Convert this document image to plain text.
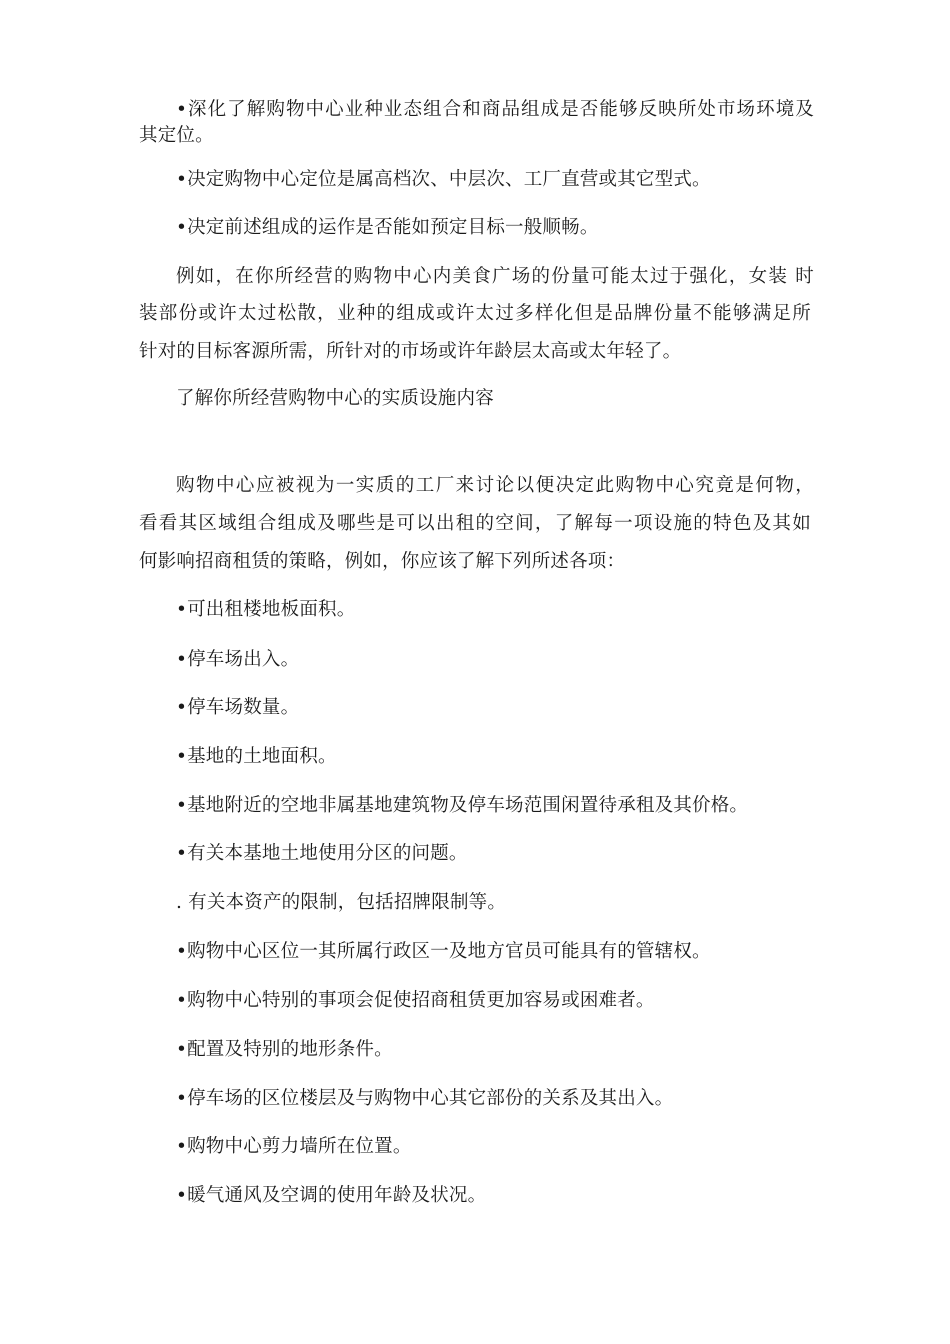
•深化了解购物中心业种业态组合和商品组成是否能够反映所处市场环境及
其定位。
•决定购物中心定位是属高档次、中层次、工厂直营或其它型式。
•决定前述组成的运作是否能如预定目标一般顺畅。
例如，在你所经营的购物中心内美食广场的份量可能太过于强化，女装 时
装部份或许太过松散，业种的组成或许太过多样化但是品牌份量不能够满足所
针对的目标客源所需，所针对的市场或许年龄层太高或太年轻了。
了解你所经营购物中心的实质设施内容
购物中心应被视为一实质的工厂来讨论以便决定此购物中心究竟是何物，
看看其区域组合组成及哪些是可以出租的空间，了解每一项设施的特色及其如
何影响招商租赁的策略，例如，你应该了解下列所述各项：
•可出租楼地板面积。
•停车场出入。
•停车场数量。
•基地的土地面积。
•基地附近的空地非属基地建筑物及停车场范围闲置待承租及其价格。
•有关本基地土地使用分区的问题。
. 有关本资产的限制，包括招牌限制等。
•购物中心区位一其所属行政区一及地方官员可能具有的管辖权。
•购物中心特别的事项会促使招商租赁更加容易或困难者。
•配置及特别的地形条件。
•停车场的区位楼层及与购物中心其它部份的关系及其出入。
•购物中心剪力墙所在位置。
•暖气通风及空调的使用年龄及状况。
